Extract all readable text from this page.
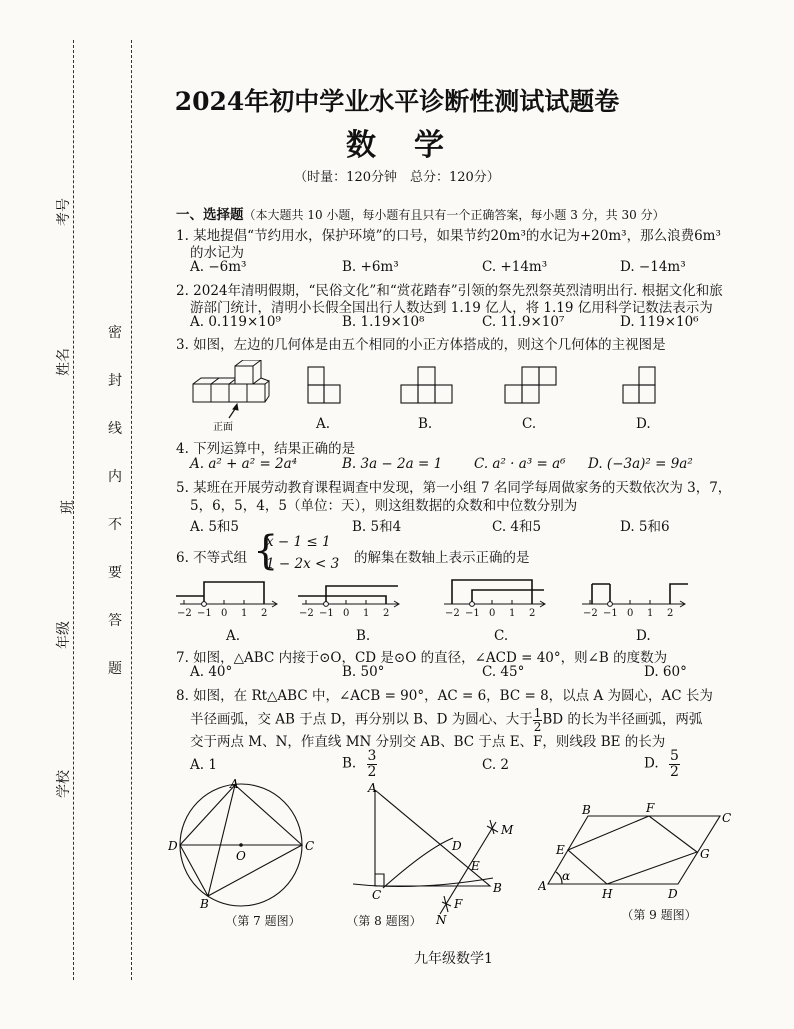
考号
姓名
班
年级
学校
密
封
线
内
不
要
答
题
2024年初中学业水平诊断性测试试题卷
数　学
（时量：120分钟　总分：120分）
一、选择题（本大题共 10 小题，每小题有且只有一个正确答案，每小题 3 分，共 30 分）
1. 某地提倡“节约用水，保护环境”的口号，如果节约20m³的水记为+20m³，那么浪费6m³
的水记为
A. −6m³	B. +6m³	C. +14m³	D. −14m³
2. 2024年清明假期，“民俗文化”和“赏花踏春”引领的祭先烈祭英烈清明出行. 根据文化和旅
游部门统计，清明小长假全国出行人数达到 1.19 亿人，将 1.19 亿用科学记数法表示为
A. 0.119×10⁹	B. 1.19×10⁸	C. 11.9×10⁷	D. 119×10⁶
3. 如图，左边的几何体是由五个相同的小正方体搭成的，则这个几何体的主视图是
正面	A.	B.	C.	D.
4. 下列运算中，结果正确的是
A. a² + a² = 2a⁴	B. 3a − 2a = 1 C. a² · a³ = a⁶ D. (−3a)² = 9a²
5. 某班在开展劳动教育课程调查中发现，第一小组 7 名同学每周做家务的天数依次为 3，7，
5，6，5，4，5（单位：天），则这组数据的众数和中位数分别为
A. 5和5	B. 5和4	C. 4和5	D. 5和6
6. 不等式组 {
x − 1 ≤ 1
1 − 2x < 3 的解集在数轴上表示正确的是
−2 −1 0 1 2	−2 −1 0 1 2	−2 −1 0 1 2	−2 −1 0 1 2
A.	B.	C.	D.
7. 如图，△ABC 内接于⊙O，CD 是⊙O 的直径，∠ACD = 40°，则∠B 的度数为
A. 40°	B. 50°	C. 45°	D. 60°
8. 如图，在 Rt△ABC 中，∠ACB = 90°，AC = 6，BC = 8，以点 A 为圆心，AC 长为
半径画弧，交 AB 于点 D，再分别以 B、D 为圆心、大于 $\frac{1}{2}$ BD 的长为半径画弧，两弧
交于两点 M、N，作直线 MN 分别交 AB、BC 于点 E、F，则线段 BE 的长为
A. 1	B. $\frac{3}{2}$	C. 2	D. $\frac{5}{2}$
A
B
C
D
O
（第 7 题图）
A
B
C
D
E
F
M
N
（第 8 题图）
A
B
C
D
E
F
G
H
α
（第 9 题图）
九年级数学1
